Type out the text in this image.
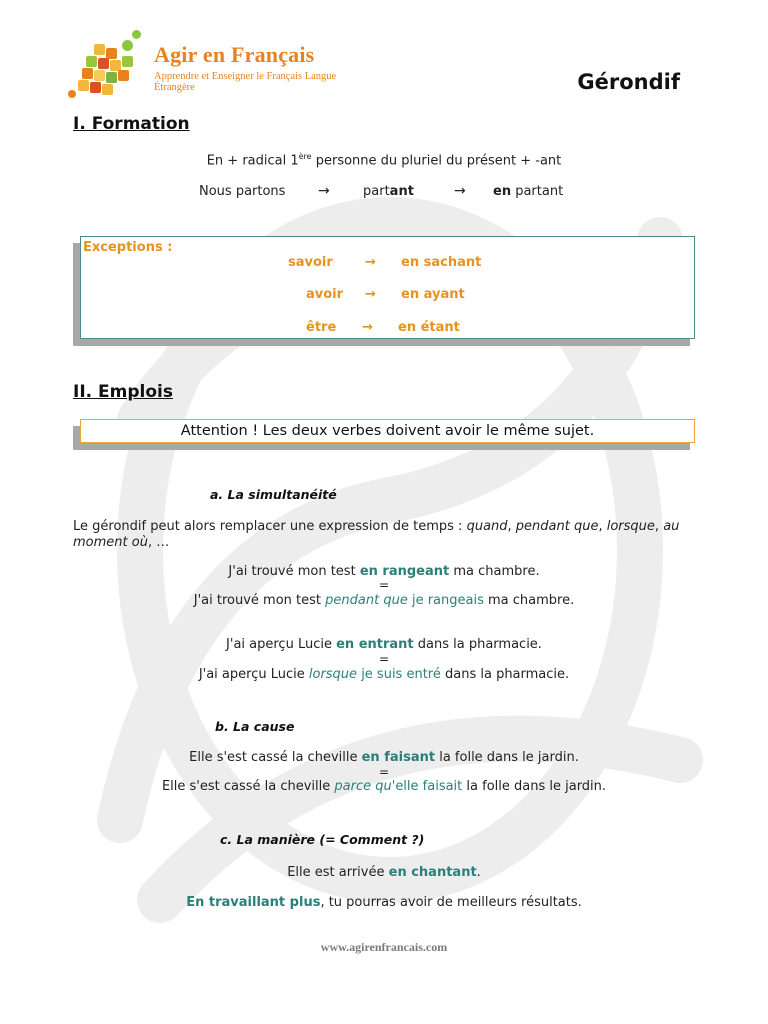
Agir en Français
Apprendre et Enseigner le Français Langue Étrangère	Gérondif
I. Formation
En + radical 1ère personne du pluriel du présent + -ant
Nous partons →	partant	→ en partant
Exceptions :
savoir → en sachant
avoir → en ayant
être → en étant
II. Emplois
Attention ! Les deux verbes doivent avoir le même sujet.
a. La simultanéité
Le gérondif peut alors remplacer une expression de temps : quand, pendant que, lorsque, au moment où, …
J'ai trouvé mon test en rangeant ma chambre.
=
J'ai trouvé mon test pendant que je rangeais ma chambre.
J'ai aperçu Lucie en entrant dans la pharmacie.
=
J'ai aperçu Lucie lorsque je suis entré dans la pharmacie.
b. La cause
Elle s'est cassé la cheville en faisant la folle dans le jardin.
=
Elle s'est cassé la cheville parce qu'elle faisait la folle dans le jardin.
c. La manière (= Comment ?)
Elle est arrivée en chantant.
En travaillant plus, tu pourras avoir de meilleurs résultats.
www.agirenfrancais.com
